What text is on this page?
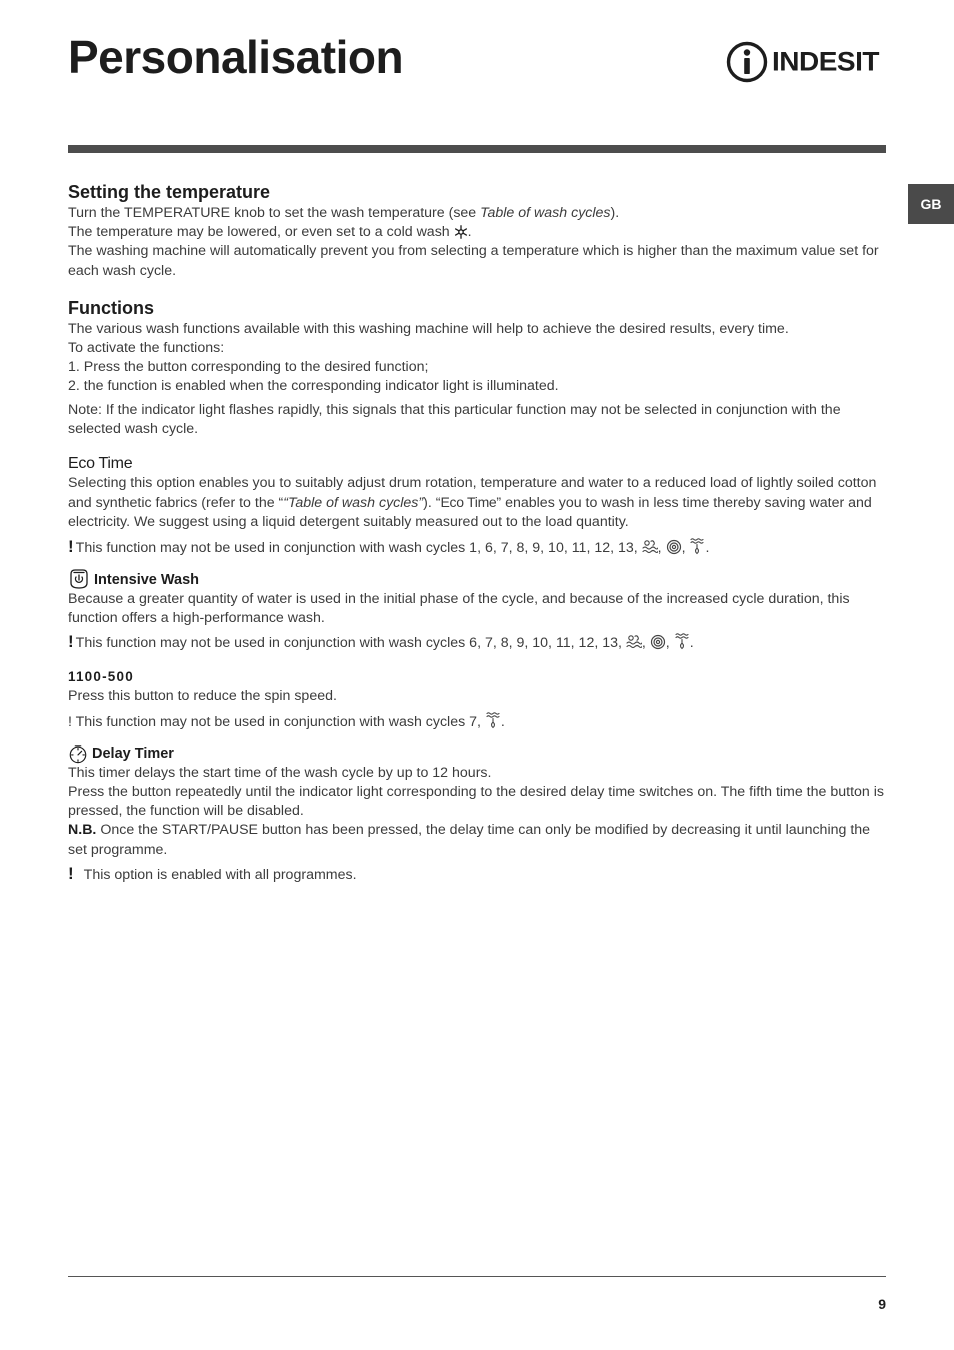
Personalisation	INDESIT
GB
Setting the temperature

Turn the TEMPERATURE knob to set the wash temperature (see Table of wash cycles).

The temperature may be lowered, or even set to a cold wash .

The washing machine will automatically prevent you from selecting a temperature which is higher than the maximum value set for each wash cycle.

Functions

The various wash functions available with this washing machine will help to achieve the desired results, every time.

To activate the functions:

1. Press the button corresponding to the desired function;

2. the function is enabled when the corresponding indicator light is illuminated.

Note: If the indicator light flashes rapidly, this signals that this particular function may not be selected in conjunction with the selected wash cycle.

Eco Time

Selecting this option enables you to suitably adjust drum rotation, temperature and water to a reduced load of lightly soiled cotton and synthetic fabrics (refer to the ““Table of wash cycles”). “Eco Time” enables you to wash in less time thereby saving water and electricity. We suggest using a liquid detergent suitably measured out to the load quantity.

! This function may not be used in conjunction with wash cycles 1, 6, 7, 8, 9, 10, 11, 12, 13, , , .

Intensive Wash

Because a greater quantity of water is used in the initial phase of the cycle, and because of the increased cycle duration, this function offers a high-performance wash.

! This function may not be used in conjunction with wash cycles 6, 7, 8, 9, 10, 11, 12, 13, , , .

1100-500

Press this button to reduce the spin speed.

! This function may not be used in conjunction with wash cycles 7, .

Delay Timer

This timer delays the start time of the wash cycle by up to 12 hours.

Press the button repeatedly until the indicator light corresponding to the desired delay time switches on. The fifth time the button is pressed, the function will be disabled.

N.B. Once the START/PAUSE button has been pressed, the delay time can only be modified by decreasing it until launching the set programme.

! This option is enabled with all programmes.

9
